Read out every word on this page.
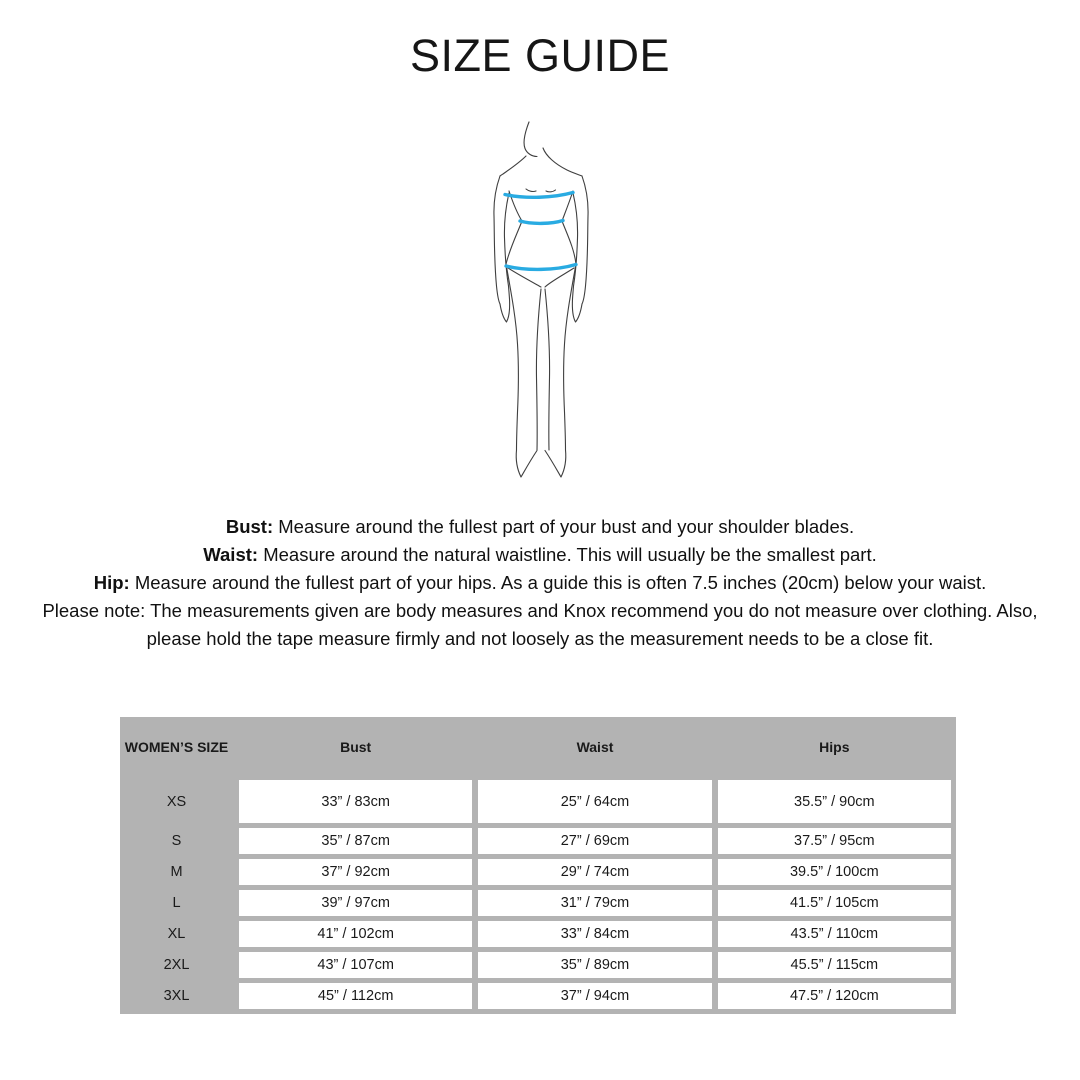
SIZE GUIDE

Bust: Measure around the fullest part of your bust and your shoulder blades.

Waist: Measure around the natural waistline. This will usually be the smallest part.

Hip: Measure around the fullest part of your hips. As a guide this is often 7.5 inches (20cm) below your waist.

Please note: The measurements given are body measures and Knox recommend you do not measure over clothing. Also, please hold the tape measure firmly and not loosely as the measurement needs to be a close fit.

WOMEN’S SIZE	Bust	Waist	Hips
XS	33” / 83cm	25” / 64cm	35.5” / 90cm
S	35” / 87cm	27” / 69cm	37.5” / 95cm
M	37” / 92cm	29” / 74cm	39.5” / 100cm
L	39” / 97cm	31” / 79cm	41.5” / 105cm
XL	41” / 102cm	33” / 84cm	43.5” / 110cm
2XL	43” / 107cm	35” / 89cm	45.5” / 115cm
3XL	45” / 112cm	37” / 94cm	47.5” / 120cm
